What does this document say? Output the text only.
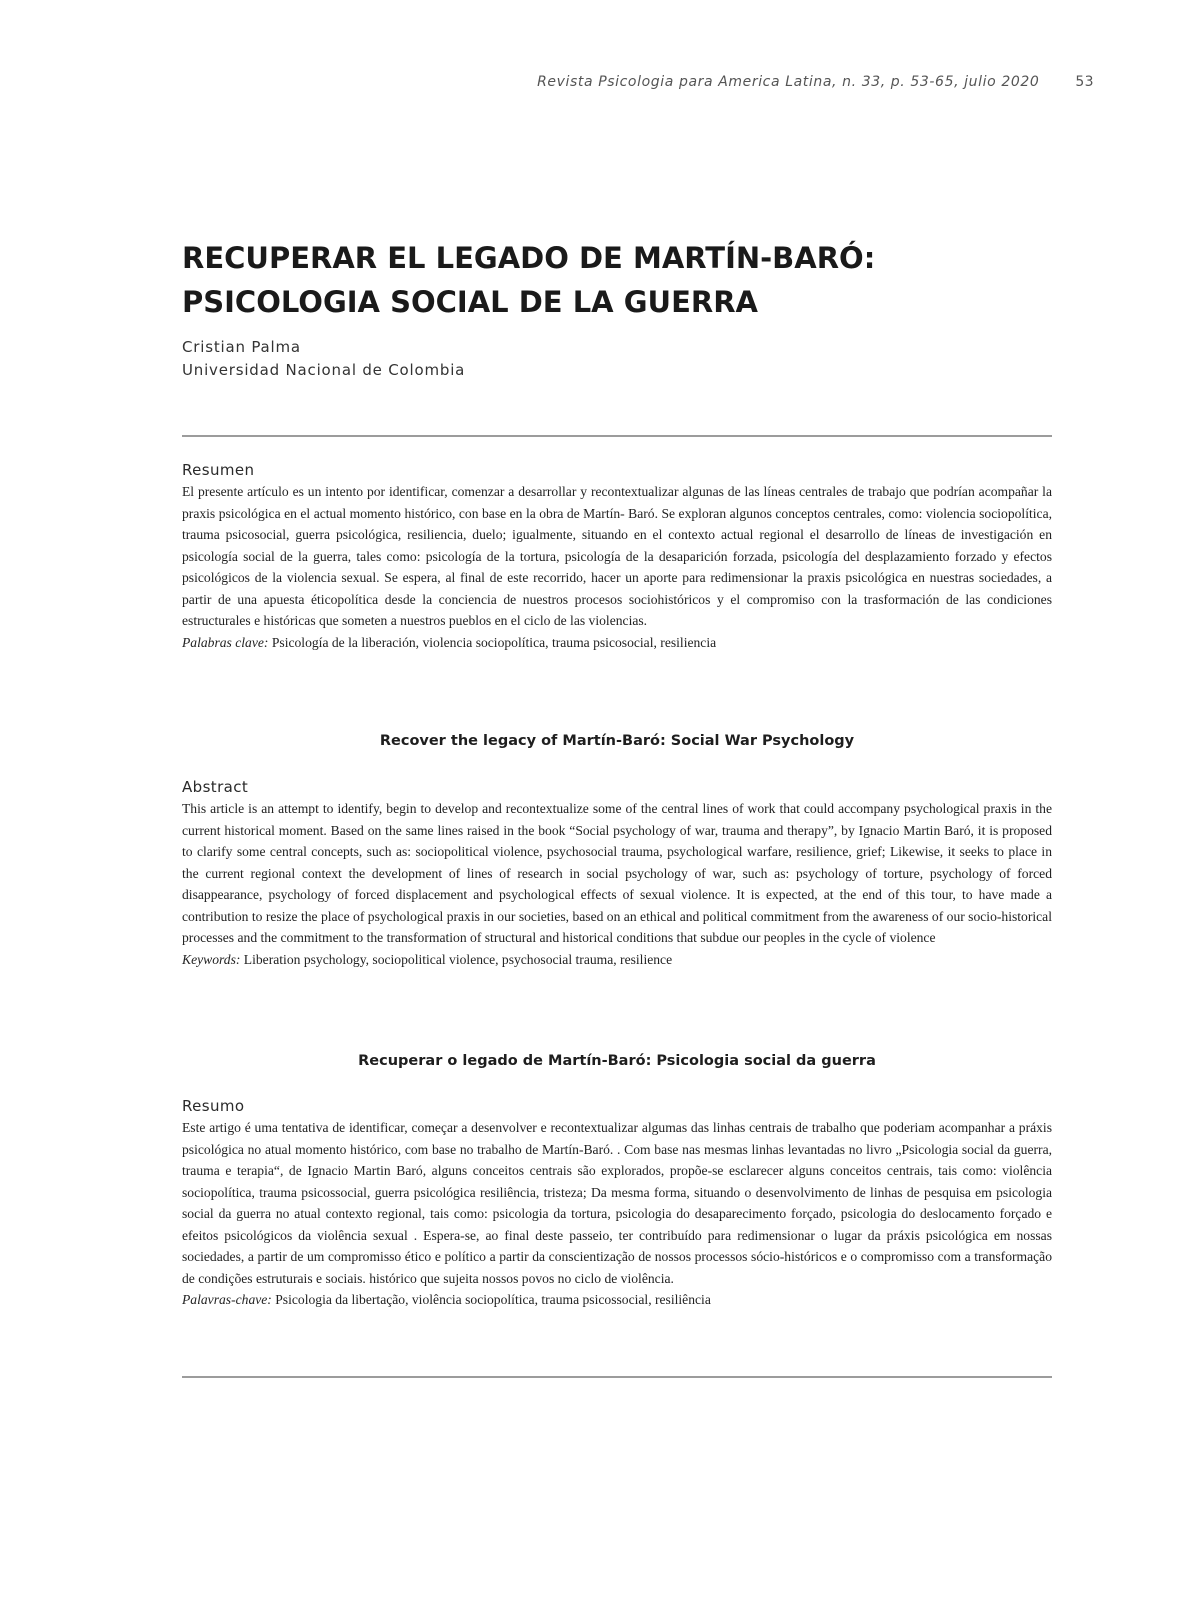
Revista Psicologia para America Latina, n. 33, p. 53-65, julio 2020	53
RECUPERAR EL LEGADO DE MARTÍN-BARÓ:
PSICOLOGIA SOCIAL DE LA GUERRA
Cristian Palma
Universidad Nacional de Colombia
Resumen

El presente artículo es un intento por identificar, comenzar a desarrollar y recontextualizar algunas de las líneas centrales de trabajo que podrían acompañar la praxis psicológica en el actual momento histórico, con base en la obra de Martín- Baró. Se exploran algunos conceptos centrales, como: violencia sociopolítica, trauma psicosocial, guerra psicológica, resiliencia, duelo; igualmente, situando en el contexto actual regional el desarrollo de líneas de investigación en psicología social de la guerra, tales como: psicología de la tortura, psicología de la desaparición forzada, psicología del desplazamiento forzado y efectos psicológicos de la violencia sexual. Se espera, al final de este recorrido, hacer un aporte para redimensionar la praxis psicológica en nuestras sociedades, a partir de una apuesta éticopolítica desde la conciencia de nuestros procesos sociohistóricos y el compromiso con la trasformación de las condiciones estructurales e históricas que someten a nuestros pueblos en el ciclo de las violencias.

Palabras clave: Psicología de la liberación, violencia sociopolítica, trauma psicosocial, resiliencia

Recover the legacy of Martín-Baró: Social War Psychology
Abstract

This article is an attempt to identify, begin to develop and recontextualize some of the central lines of work that could accompany psychological praxis in the current historical moment. Based on the same lines raised in the book “Social psychology of war, trauma and therapy”, by Ignacio Martin Baró, it is proposed to clarify some central concepts, such as: sociopolitical violence, psychosocial trauma, psychological warfare, resilience, grief; Likewise, it seeks to place in the current regional context the development of lines of research in social psychology of war, such as: psychology of torture, psychology of forced disappearance, psychology of forced displacement and psychological effects of sexual violence. It is expected, at the end of this tour, to have made a contribution to resize the place of psychological praxis in our societies, based on an ethical and political commitment from the awareness of our socio-historical processes and the commitment to the transformation of structural and historical conditions that subdue our peoples in the cycle of violence

Keywords: Liberation psychology, sociopolitical violence, psychosocial trauma, resilience

Recuperar o legado de Martín-Baró: Psicologia social da guerra
Resumo

Este artigo é uma tentativa de identificar, começar a desenvolver e recontextualizar algumas das linhas centrais de trabalho que poderiam acompanhar a práxis psicológica no atual momento histórico, com base no trabalho de Martín-Baró. . Com base nas mesmas linhas levantadas no livro „Psicologia social da guerra, trauma e terapia“, de Ignacio Martin Baró, alguns conceitos centrais são explorados, propõe-se esclarecer alguns conceitos centrais, tais como: violência sociopolítica, trauma psicossocial, guerra psicológica resiliência, tristeza; Da mesma forma, situando o desenvolvimento de linhas de pesquisa em psicologia social da guerra no atual contexto regional, tais como: psicologia da tortura, psicologia do desaparecimento forçado, psicologia do deslocamento forçado e efeitos psicológicos da violência sexual . Espera-se, ao final deste passeio, ter contribuído para redimensionar o lugar da práxis psicológica em nossas sociedades, a partir de um compromisso ético e político a partir da conscientização de nossos processos sócio-históricos e o compromisso com a transformação de condições estruturais e sociais. histórico que sujeita nossos povos no ciclo de violência.

Palavras-chave: Psicologia da libertação, violência sociopolítica, trauma psicossocial, resiliência
